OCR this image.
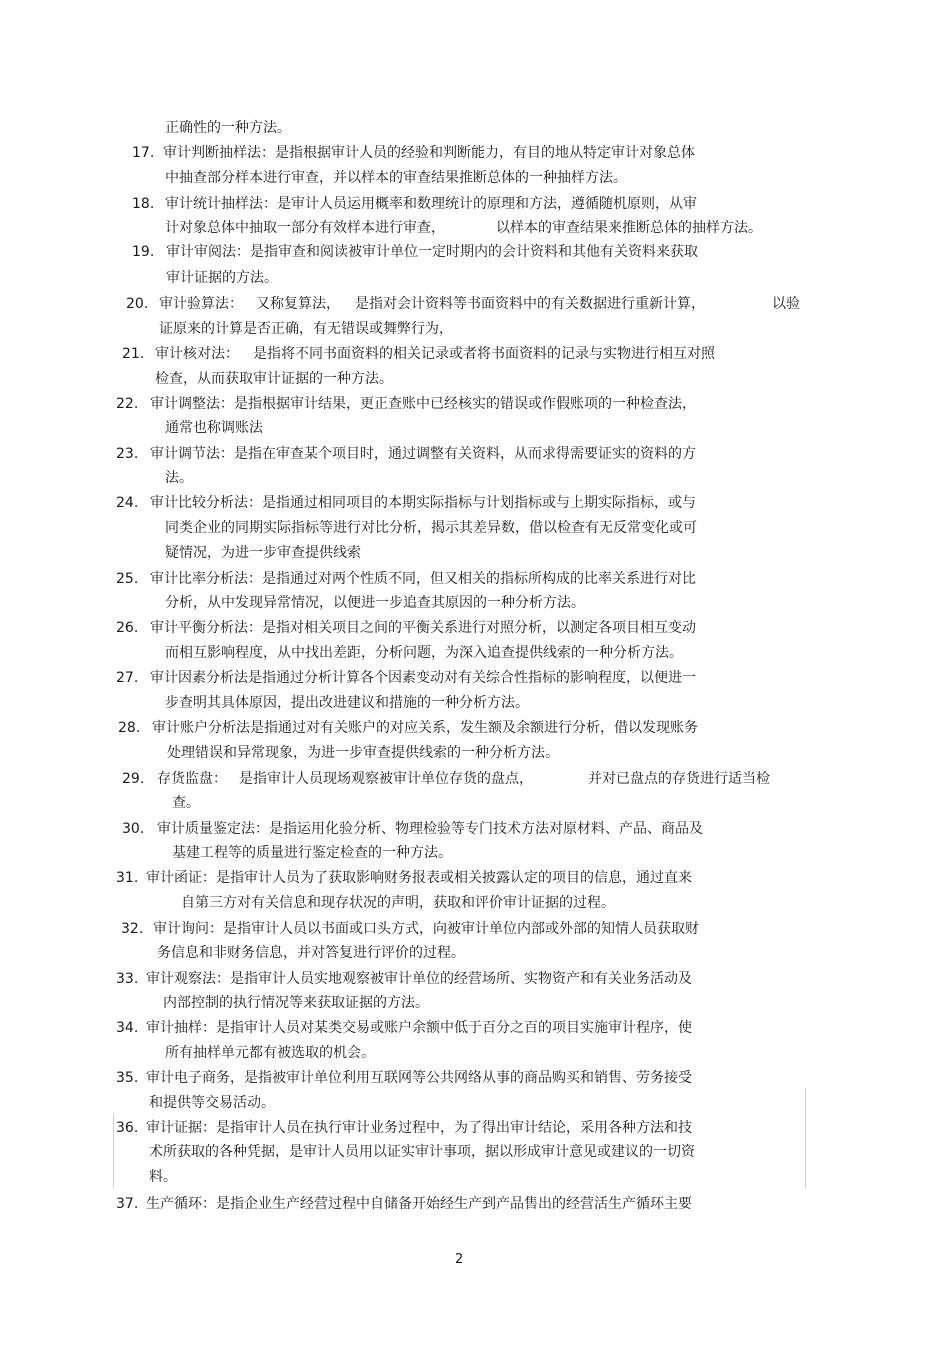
正确性的一种方法。
17. 审计判断抽样法：是指根据审计人员的经验和判断能力，有目的地从特定审计对象总体
中抽查部分样本进行审查，并以样本的审查结果推断总体的一种抽样方法。
18. 审计统计抽样法：是审计人员运用概率和数理统计的原理和方法，遵循随机原则，从审
计对象总体中抽取一部分有效样本进行审查，	以样本的审查结果来推断总体的抽样方法。
19. 审计审阅法：是指审查和阅读被审计单位一定时期内的会计资料和其他有关资料来获取
审计证据的方法。
20. 审计验算法： 又称复算法， 是指对会计资料等书面资料中的有关数据进行重新计算，	以验
证原来的计算是否正确，有无错误或舞弊行为，
21. 审计核对法： 是指将不同书面资料的相关记录或者将书面资料的记录与实物进行相互对照
检查，从而获取审计证据的一种方法。
22. 审计调整法：是指根据审计结果，更正查账中已经核实的错误或作假账项的一种检查法，
通常也称调账法
23. 审计调节法：是指在审查某个项目时，通过调整有关资料，从而求得需要证实的资料的方
法。
24. 审计比较分析法：是指通过相同项目的本期实际指标与计划指标或与上期实际指标，或与
同类企业的同期实际指标等进行对比分析，揭示其差异数，借以检查有无反常变化或可
疑情况，为进一步审查提供线索
25. 审计比率分析法：是指通过对两个性质不同，但又相关的指标所构成的比率关系进行对比
分析，从中发现异常情况，以便进一步追查其原因的一种分析方法。
26. 审计平衡分析法：是指对相关项目之间的平衡关系进行对照分析，以测定各项目相互变动
而相互影响程度，从中找出差距，分析问题，为深入追查提供线索的一种分析方法。
27. 审计因素分析法是指通过分析计算各个因素变动对有关综合性指标的影响程度，以便进一
步查明其具体原因，提出改进建议和措施的一种分析方法。
28. 审计账户分析法是指通过对有关账户的对应关系，发生额及余额进行分析，借以发现账务
处理错误和异常现象，为进一步审查提供线索的一种分析方法。
29. 存货监盘： 是指审计人员现场观察被审计单位存货的盘点，	并对已盘点的存货进行适当检
查。
30. 审计质量鉴定法：是指运用化验分析、物理检验等专门技术方法对原材料、产品、商品及
基建工程等的质量进行鉴定检查的一种方法。
31. 审计函证：是指审计人员为了获取影响财务报表或相关披露认定的项目的信息，通过直来
自第三方对有关信息和现存状况的声明，获取和评价审计证据的过程。
32. 审计询问：是指审计人员以书面或口头方式，向被审计单位内部或外部的知情人员获取财
务信息和非财务信息，并对答复进行评价的过程。
33. 审计观察法：是指审计人员实地观察被审计单位的经营场所、实物资产和有关业务活动及
内部控制的执行情况等来获取证据的方法。
34. 审计抽样：是指审计人员对某类交易或账户余额中低于百分之百的项目实施审计程序，使
所有抽样单元都有被选取的机会。
35. 审计电子商务，是指被审计单位利用互联网等公共网络从事的商品购买和销售、劳务接受
和提供等交易活动。
36. 审计证据：是指审计人员在执行审计业务过程中，为了得出审计结论，采用各种方法和技
术所获取的各种凭据，是审计人员用以证实审计事项，据以形成审计意见或建议的一切资
料。
37. 生产循环：是指企业生产经营过程中自储备开始经生产到产品售出的经营活生产循环主要
2
